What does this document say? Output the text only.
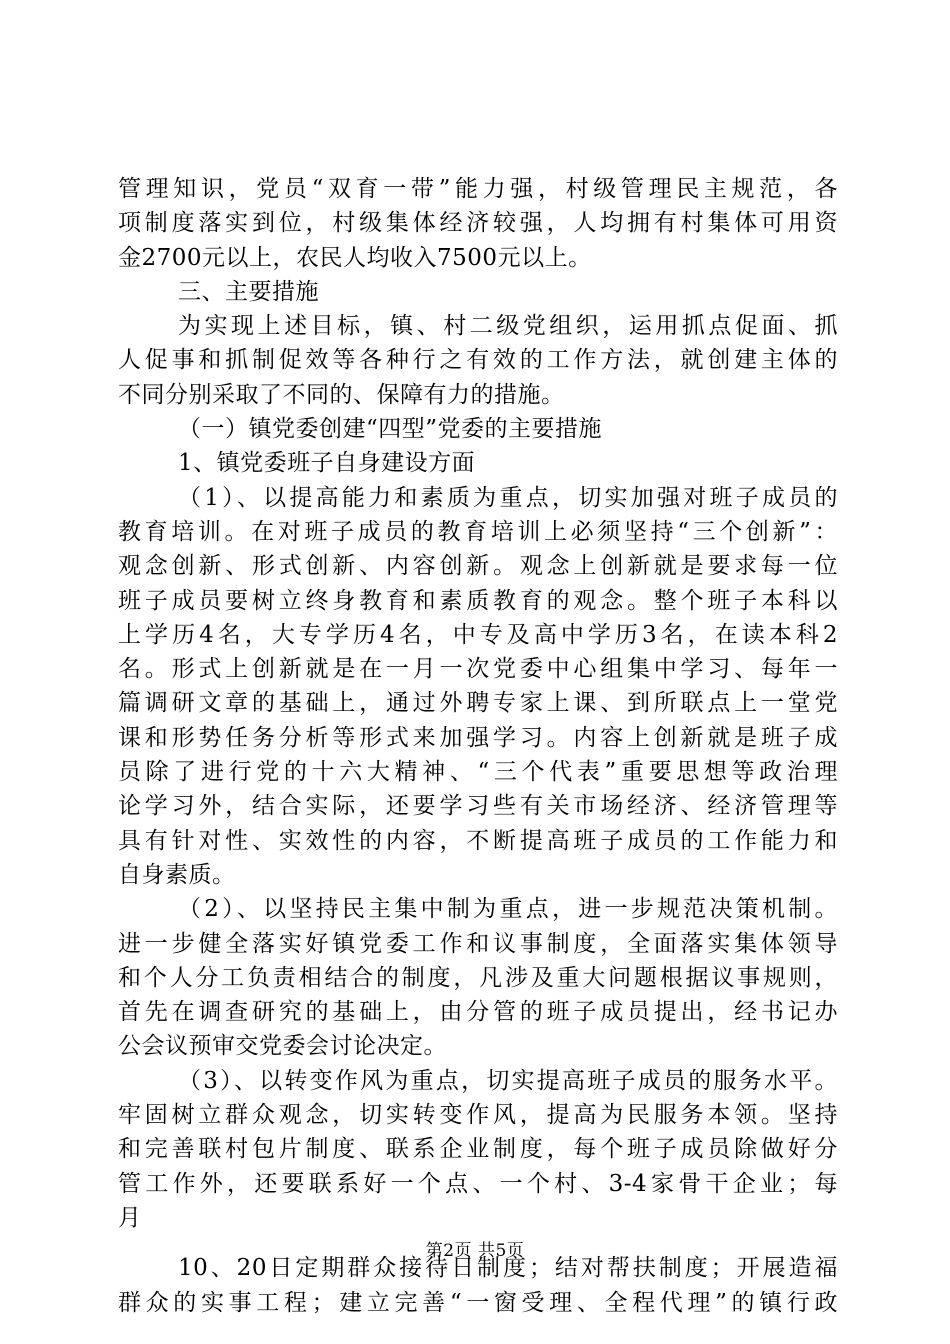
管理知识，党员“双育一带”能力强，村级管理民主规范，各
项制度落实到位，村级集体经济较强，人均拥有村集体可用资
金2700元以上，农民人均收入7500元以上。
三、主要措施
为实现上述目标，镇、村二级党组织，运用抓点促面、抓
人促事和抓制促效等各种行之有效的工作方法，就创建主体的
不同分别采取了不同的、保障有力的措施。
（一）镇党委创建“四型”党委的主要措施
1、镇党委班子自身建设方面
（1）、以提高能力和素质为重点，切实加强对班子成员的
教育培训。在对班子成员的教育培训上必须坚持“三个创新”：
观念创新、形式创新、内容创新。观念上创新就是要求每一位
班子成员要树立终身教育和素质教育的观念。整个班子本科以
上学历4名，大专学历4名，中专及高中学历3名，在读本科2
名。形式上创新就是在一月一次党委中心组集中学习、每年一
篇调研文章的基础上，通过外聘专家上课、到所联点上一堂党
课和形势任务分析等形式来加强学习。内容上创新就是班子成
员除了进行党的十六大精神、“三个代表”重要思想等政治理
论学习外，结合实际，还要学习些有关市场经济、经济管理等
具有针对性、实效性的内容，不断提高班子成员的工作能力和
自身素质。
（2）、以坚持民主集中制为重点，进一步规范决策机制。
进一步健全落实好镇党委工作和议事制度，全面落实集体领导
和个人分工负责相结合的制度，凡涉及重大问题根据议事规则，
首先在调查研究的基础上，由分管的班子成员提出，经书记办
公会议预审交党委会讨论决定。
（3）、以转变作风为重点，切实提高班子成员的服务水平。
牢固树立群众观念，切实转变作风，提高为民服务本领。坚持
和完善联村包片制度、联系企业制度，每个班子成员除做好分
管工作外，还要联系好一个点、一个村、3-4家骨干企业；每
月
10、20日定期群众接待日制度；结对帮扶制度；开展造福
群众的实事工程；建立完善“一窗受理、全程代理”的镇行政
第2页 共5页
